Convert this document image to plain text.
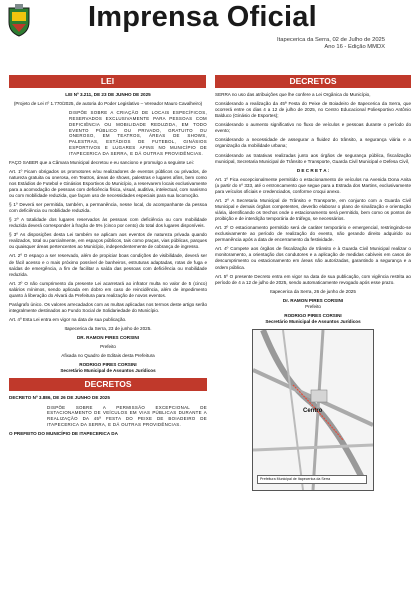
Imprensa Oficial
Itapecerica da Serra, 02 de Julho de 2025
Ano 16 - Edição MMDX
LEI	DECRETOS

LEI Nº 3.211, DE 23 DE JUNHO DE 2025

(Projeto de Lei nº 1.770/2025, de autoria do Poder Legislativo – Vereador Mauro Cavalheiro)

DISPÕE SOBRE A CRIAÇÃO DE LOCAIS ESPECÍFICOS, RESERVADOS EXCLUSIVAMENTE PARA PESSOAS COM DEFICIÊNCIA OU MOBILIDADE REDUZIDA, EM TODO EVENTO PÚBLICO OU PRIVADO, GRATUITO OU ONEROSO, EM TEATROS, ÁREAS DE SHOWS, PALESTRAS, ESTÁDIOS DE FUTEBOL, GINÁSIOS ESPORTIVOS E LUGARES AFINS NO MUNICÍPIO DE ITAPECERICA DA SERRA, E DÁ OUTRAS PROVIDÊNCIAS.

FAÇO SABER que a Câmara Municipal decretou e eu sanciono e promulgo a seguinte Lei:

Art. 1º Ficam obrigados os promotores e/ou realizadores de eventos públicos ou privados, de natureza gratuita ou onerosa, em Teatros, áreas de shows, palestras e lugares afins, bem como nos Estádios de Futebol e Ginásios Esportivos do Município, a reservarem locais exclusivamente para a acomodação de pessoas com deficiência física, visual, auditiva, intelectual, com nanismo ou com mobilidade reduzida, que façam uso de necessidades especiais para sua locomoção.

§ 1º Deverá ser permitida, também, a permanência, nesse local, do acompanhante da pessoa com deficiência ou mobilidade reduzida.

§ 2º A totalidade dos lugares reservados às pessoas com deficiência ou com mobilidade reduzida deverá corresponder à fração de 5% (cinco por cento) do total dos lugares disponíveis.

§ 3º As disposições desta Lei também se aplicam aos eventos de natureza privada quando realizados, total ou parcialmente, em espaços públicos, tais como praças, vias públicas, parques ou quaisquer áreas pertencentes ao Município, independentemente de cobrança de ingresso.

Art. 2º O espaço a ser reservado, além de propiciar boas condições de visibilidade, deverá ser de fácil acesso e o mais próximo possível de banheiros, estruturas adaptadas, rotas de fuga e saídas de emergência, a fim de facilitar a saída das pessoas com deficiência ou mobilidade reduzida.

Art. 3º O não cumprimento da presente Lei acarretará ao infrator multa no valor de 5 (cinco) salários mínimos, sendo aplicada em dobro em caso de reincidência, além de impedimento quanto à liberação do Alvará da Prefeitura para realização de novos eventos.

Parágrafo único. Os valores arrecadados com as multas aplicadas nos termos deste artigo serão integralmente destinados ao Fundo Social de Solidariedade do Município.

Art. 4º Esta Lei entra em vigor na data de sua publicação.

Itapecerica da Serra, 23 de junho de 2025.

DR. RAMON PIRES CORSINI

Prefeito

Afixada no Quadro de Editais desta Prefeitura

RODRIGO PIRES CORSINI

Secretário Municipal de Assuntos Jurídicos

DECRETOS

DECRETO Nº 3.886, DE 26 DE JUNHO DE 2025

DISPÕE SOBRE A PERMISSÃO EXCEPCIONAL DE ESTACIONAMENTO DE VEÍCULOS EM VIAS PÚBLICAS DURANTE A REALIZAÇÃO DA 45ª FESTA DO PEIXE DE BOIADEIRO DE ITAPECERICA DA SERRA, E DÁ OUTRAS PROVIDÊNCIAS.

O PREFEITO DO MUNICÍPIO DE ITAPECERICA DA

SERRA no uso das atribuições que lhe confere a Lei Orgânica do Município,

Considerando a realização da 45ª Festa do Peixe de Boiadeiro de Itapecerica da Serra, que ocorrerá entre os dias 4 a 12 de julho de 2025, no Centro Educacional Poliesportivo Antônio Balduco (Ginásio de Esportes);

Considerando o aumento significativo no fluxo de veículos e pessoas durante o período do evento;

Considerando a necessidade de assegurar a fluidez do trânsito, a segurança viária e a organização da mobilidade urbana;

Considerando as tratativas realizadas junto aos órgãos de segurança pública, fiscalização municipal, Secretaria Municipal de Trânsito e Transporte, Guarda Civil Municipal e Defesa Civil,

D E C R E T A :

Art. 1º Fica excepcionalmente permitido o estacionamento de veículos na Avenida Dona Anita (a partir do nº 333, até o entroncamento que segue para a Estrada dos Martins, exclusivamente para veículos oficiais e credenciados, conforme croqui anexo.

Art. 2º A Secretaria Municipal de Trânsito e Transporte, em conjunto com a Guarda Civil Municipal e demais órgãos competentes, deverão elaborar o plano de sinalização e orientação viária, identificando os trechos onde o estacionamento será permitido, bem como os pontos de proibição e de interdição temporária de tráfego, se necessários.

Art. 3º O estacionamento permitido será de caráter temporário e emergencial, restringindo-se exclusivamente ao período de realização do evento, não gerando direito adquirido ou permanência após a data de encerramento da festividade.

Art. 4º Compete aos órgãos de fiscalização de trânsito e à Guarda Civil Municipal realizar o monitoramento, a orientação dos condutores e a aplicação de medidas cabíveis em casos de descumprimento ou estacionamento em áreas não autorizadas, garantindo a segurança e a ordem pública.

Art. 5º O presente Decreto entra em vigor na data de sua publicação, com vigência restrita ao período de 4 a 12 de julho de 2025, sendo automaticamente revogado após esse prazo.

Itapecerica da Serra, 26 de junho de 2025

Dr. RAMON PIRES CORSINI

Prefeito

RODRIGO PIRES CORSINI

Secretário Municipal de Assuntos Jurídicos

Centro
Prefeitura Municipal de Itapecerica da Serra
